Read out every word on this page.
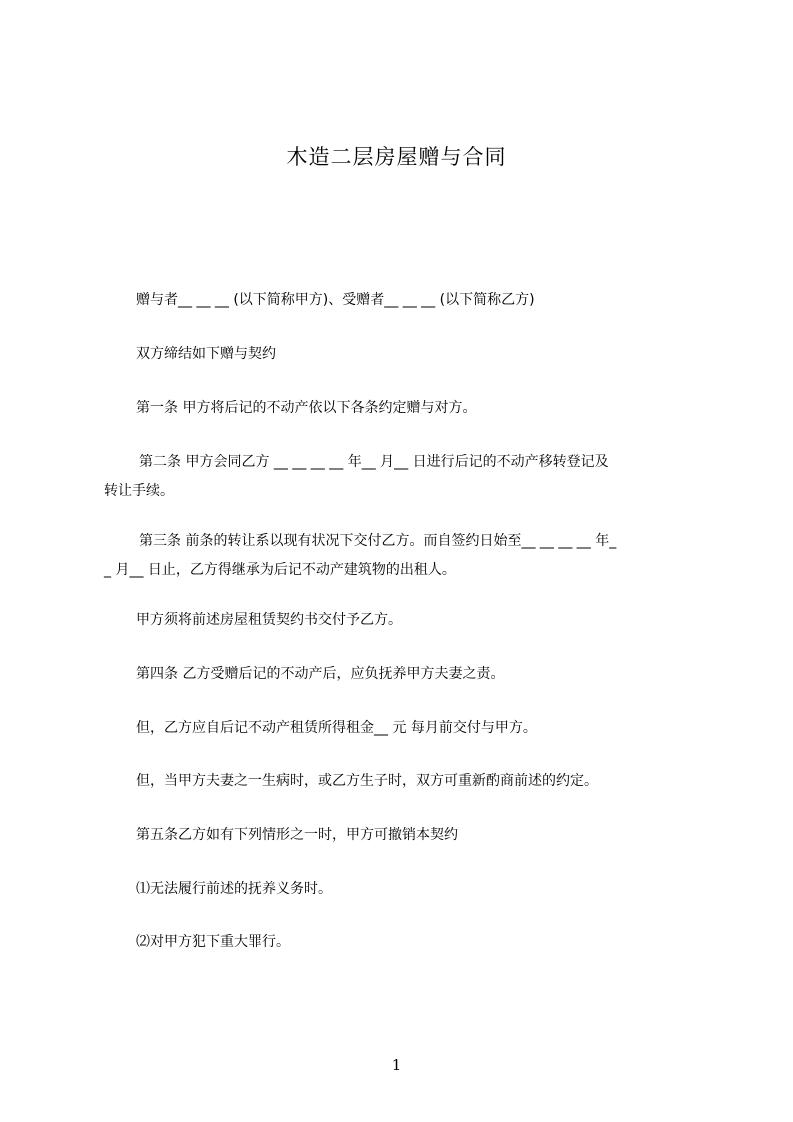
木造二层房屋赠与合同
赠与者__ __ __ (以下简称甲方)、受赠者__ __ __ (以下简称乙方)
双方缔结如下赠与契约
第一条 甲方将后记的不动产依以下各条约定赠与对方。
第二条 甲方会同乙方 __ __ __ __ 年__ 月__ 日进行后记的不动产移转登记及
转让手续。
第三条 前条的转让系以现有状况下交付乙方。而自签约日始至__ __ __ __ 年_
_ 月__ 日止，乙方得继承为后记不动产建筑物的出租人。
甲方须将前述房屋租赁契约书交付予乙方。
第四条 乙方受赠后记的不动产后，应负抚养甲方夫妻之责。
但，乙方应自后记不动产租赁所得租金__ 元 每月前交付与甲方。
但，当甲方夫妻之一生病时，或乙方生子时，双方可重新酌商前述的约定。
第五条乙方如有下列情形之一时，甲方可撤销本契约
⑴无法履行前述的抚养义务时。
⑵对甲方犯下重大罪行。
1
